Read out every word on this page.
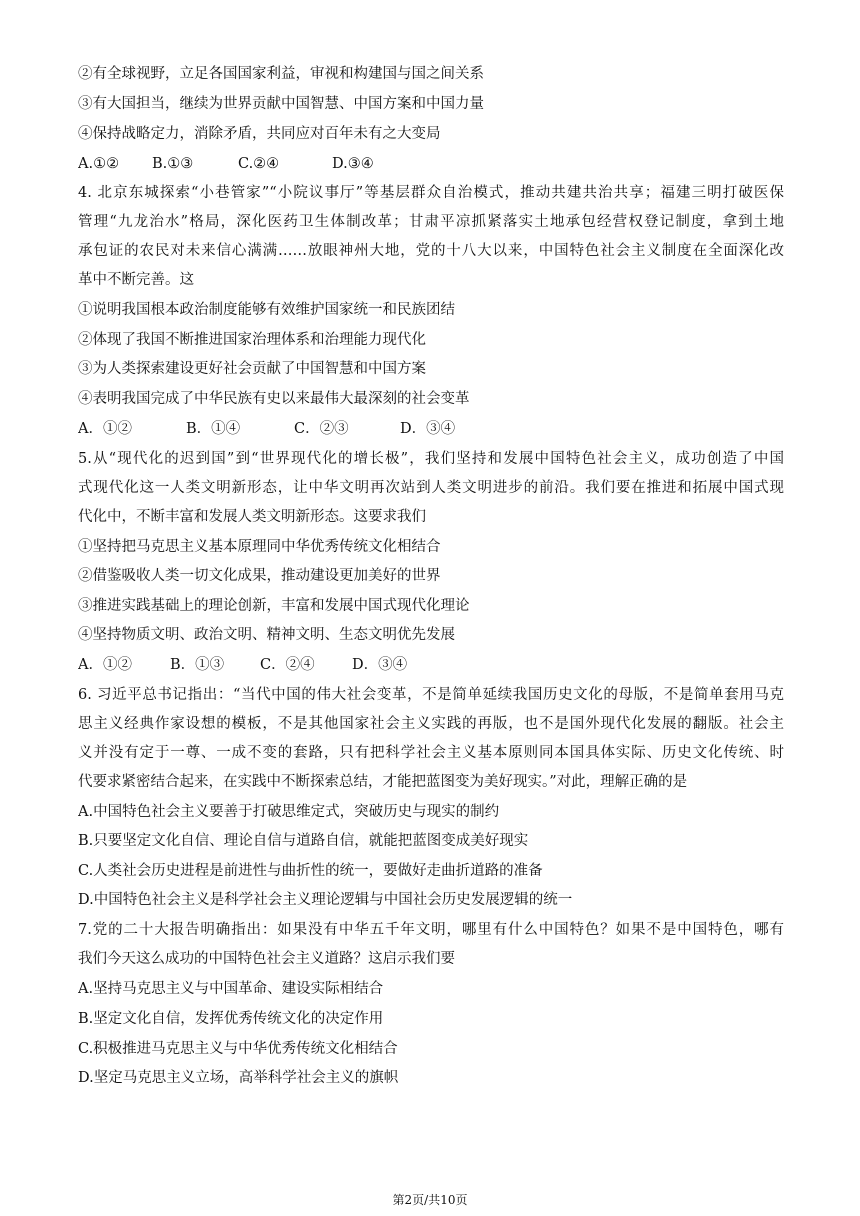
②有全球视野，立足各国国家利益，审视和构建国与国之间关系
③有大国担当，继续为世界贡献中国智慧、中国方案和中国力量
④保持战略定力，消除矛盾，共同应对百年未有之大变局
A.①② B.①③	C.②④	D.③④
4. 北京东城探索“小巷管家”“小院议事厅”等基层群众自治模式，推动共建共治共享；福建三明打破医保
管理“九龙治水”格局，深化医药卫生体制改革；甘肃平凉抓紧落实土地承包经营权登记制度，拿到土地
承包证的农民对未来信心满满……放眼神州大地，党的十八大以来，中国特色社会主义制度在全面深化改
革中不断完善。这
①说明我国根本政治制度能够有效维护国家统一和民族团结
②体现了我国不断推进国家治理体系和治理能力现代化
③为人类探索建设更好社会贡献了中国智慧和中国方案
④表明我国完成了中华民族有史以来最伟大最深刻的社会变革
A．①②	B．①④	C．②③	D．③④
5.从“现代化的迟到国”到“世界现代化的增长极”，我们坚持和发展中国特色社会主义，成功创造了中国
式现代化这一人类文明新形态，让中华文明再次站到人类文明进步的前沿。我们要在推进和拓展中国式现
代化中，不断丰富和发展人类文明新形态。这要求我们
①坚持把马克思主义基本原理同中华优秀传统文化相结合
②借鉴吸收人类一切文化成果，推动建设更加美好的世界
③推进实践基础上的理论创新，丰富和发展中国式现代化理论
④坚持物质文明、政治文明、精神文明、生态文明优先发展
A．①②	B．①③ C．②④	D．③④
6. 习近平总书记指出：“当代中国的伟大社会变革，不是简单延续我国历史文化的母版，不是简单套用马克
思主义经典作家设想的模板，不是其他国家社会主义实践的再版，也不是国外现代化发展的翻版。社会主
义并没有定于一尊、一成不变的套路，只有把科学社会主义基本原则同本国具体实际、历史文化传统、时
代要求紧密结合起来，在实践中不断探索总结，才能把蓝图变为美好现实。”对此，理解正确的是
A.中国特色社会主义要善于打破思维定式，突破历史与现实的制约
B.只要坚定文化自信、理论自信与道路自信，就能把蓝图变成美好现实
C.人类社会历史进程是前进性与曲折性的统一，要做好走曲折道路的准备
D.中国特色社会主义是科学社会主义理论逻辑与中国社会历史发展逻辑的统一
7.党的二十大报告明确指出：如果没有中华五千年文明，哪里有什么中国特色？如果不是中国特色，哪有
我们今天这么成功的中国特色社会主义道路？这启示我们要
A.坚持马克思主义与中国革命、建设实际相结合
B.坚定文化自信，发挥优秀传统文化的决定作用
C.积极推进马克思主义与中华优秀传统文化相结合
D.坚定马克思主义立场，高举科学社会主义的旗帜
第2页/共10页
